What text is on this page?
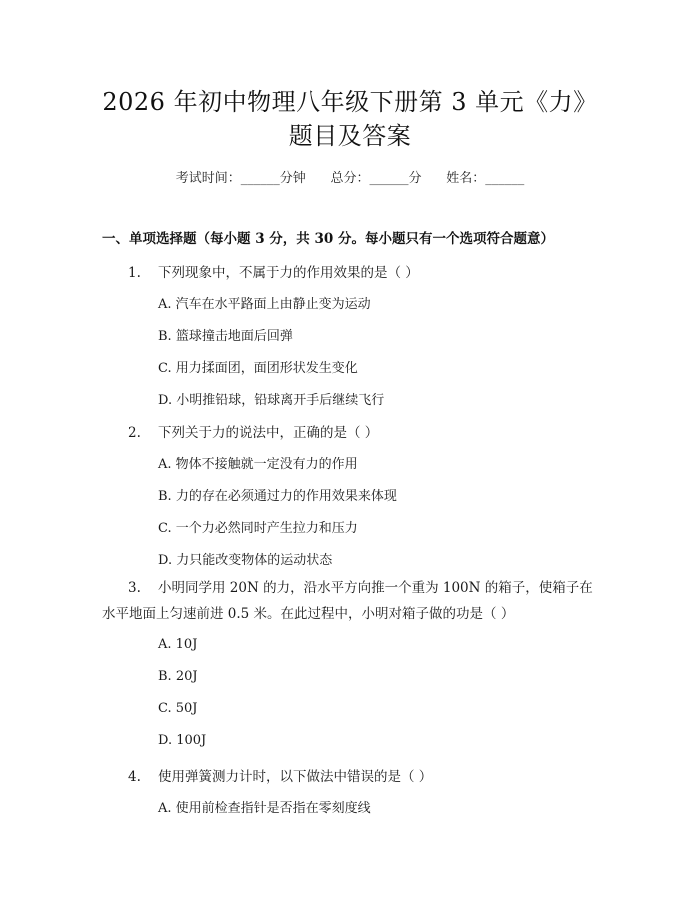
2026 年初中物理八年级下册第 3 单元《力》
题目及答案
考试时间：______分钟      总分：______分      姓名：______
一、单项选择题（每小题 3 分，共 30 分。每小题只有一个选项符合题意）
1. 下列现象中，不属于力的作用效果的是（ ）
A. 汽车在水平路面上由静止变为运动
B. 篮球撞击地面后回弹
C. 用力揉面团，面团形状发生变化
D. 小明推铅球，铅球离开手后继续飞行
2. 下列关于力的说法中，正确的是（ ）
A. 物体不接触就一定没有力的作用
B. 力的存在必须通过力的作用效果来体现
C. 一个力必然同时产生拉力和压力
D. 力只能改变物体的运动状态
3. 小明同学用 20N 的力，沿水平方向推一个重为 100N 的箱子，使箱子在水平地面上匀速前进 0.5 米。在此过程中，小明对箱子做的功是（ ）
A. 10J
B. 20J
C. 50J
D. 100J
4. 使用弹簧测力计时，以下做法中错误的是（ ）
A. 使用前检查指针是否指在零刻度线
